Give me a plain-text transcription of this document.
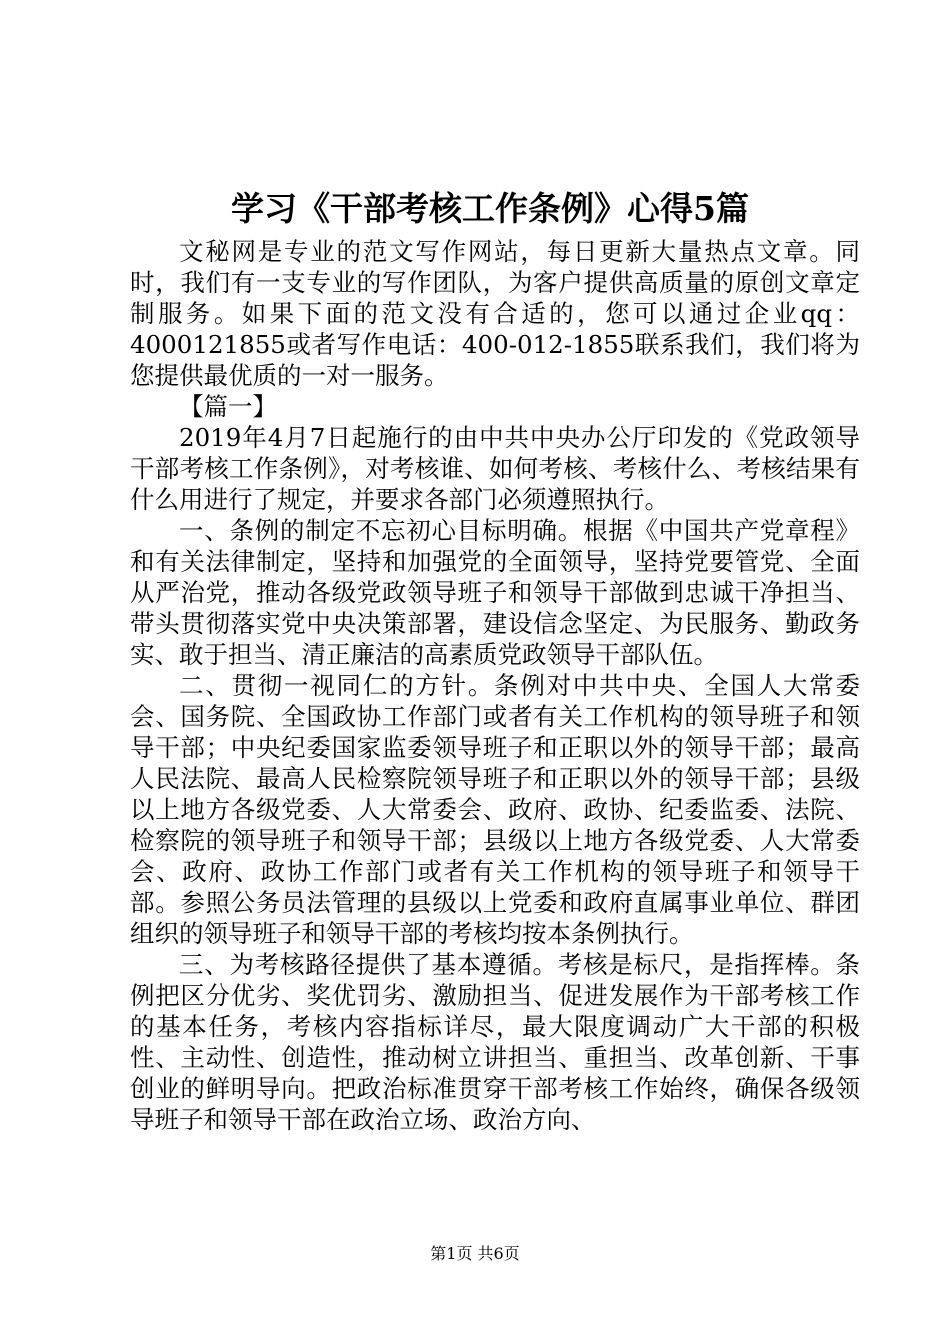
学习《干部考核工作条例》心得5篇

文秘网是专业的范文写作网站，每日更新大量热点文章。同时，我们有一支专业的写作团队，为客户提供高质量的原创文章定制服务。如果下面的范文没有合适的，您可以通过企业qq：4000121855或者写作电话：400-012-1855联系我们，我们将为您提供最优质的一对一服务。

【篇一】

2019年4月7日起施行的由中共中央办公厅印发的《党政领导干部考核工作条例》，对考核谁、如何考核、考核什么、考核结果有什么用进行了规定，并要求各部门必须遵照执行。

一、条例的制定不忘初心目标明确。根据《中国共产党章程》和有关法律制定，坚持和加强党的全面领导，坚持党要管党、全面从严治党，推动各级党政领导班子和领导干部做到忠诚干净担当、带头贯彻落实党中央决策部署，建设信念坚定、为民服务、勤政务实、敢于担当、清正廉洁的高素质党政领导干部队伍。

二、贯彻一视同仁的方针。条例对中共中央、全国人大常委会、国务院、全国政协工作部门或者有关工作机构的领导班子和领导干部；中央纪委国家监委领导班子和正职以外的领导干部；最高人民法院、最高人民检察院领导班子和正职以外的领导干部；县级以上地方各级党委、人大常委会、政府、政协、纪委监委、法院、检察院的领导班子和领导干部；县级以上地方各级党委、人大常委会、政府、政协工作部门或者有关工作机构的领导班子和领导干部。参照公务员法管理的县级以上党委和政府直属事业单位、群团组织的领导班子和领导干部的考核均按本条例执行。

三、为考核路径提供了基本遵循。考核是标尺，是指挥棒。条例把区分优劣、奖优罚劣、激励担当、促进发展作为干部考核工作的基本任务，考核内容指标详尽，最大限度调动广大干部的积极性、主动性、创造性，推动树立讲担当、重担当、改革创新、干事创业的鲜明导向。把政治标准贯穿干部考核工作始终，确保各级领导班子和领导干部在政治立场、政治方向、

第1页 共6页
